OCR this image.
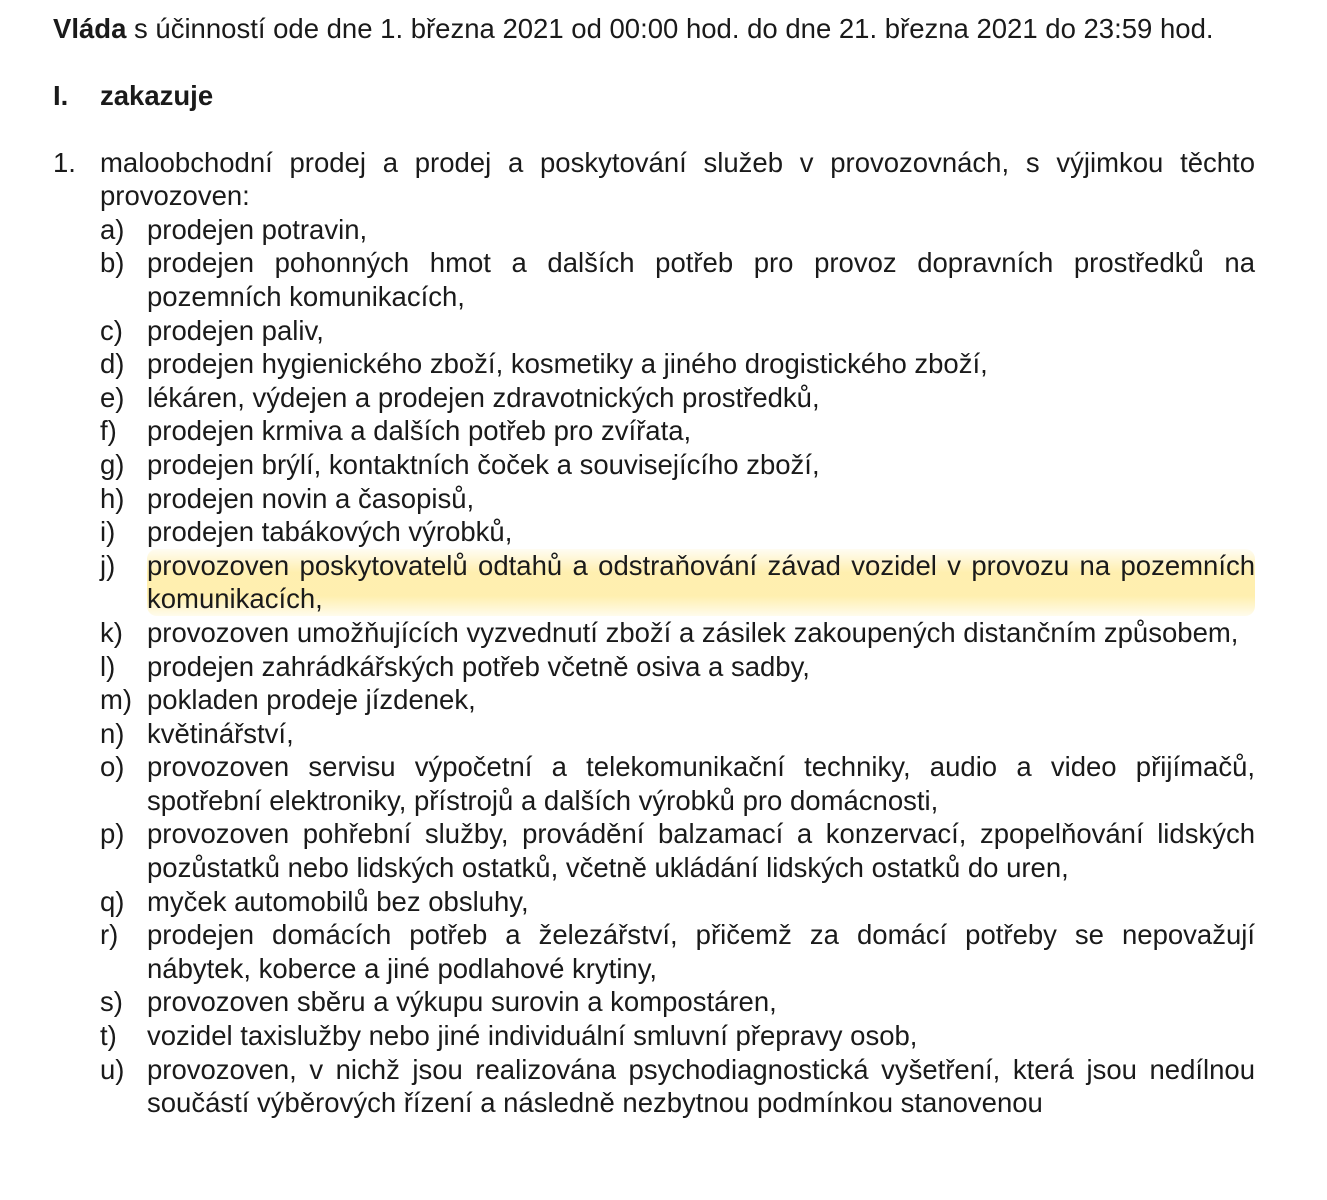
Vláda s účinností ode dne 1. března 2021 od 00:00 hod. do dne 21. března 2021 do 23:59 hod.

I.	zakazuje
1. maloobchodní prodej a prodej a poskytování služeb v provozovnách, s výjimkou těchto provozoven:
a) prodejen potravin,
b) prodejen pohonných hmot a dalších potřeb pro provoz dopravních prostředků na pozemních komunikacích,
c) prodejen paliv,
d) prodejen hygienického zboží, kosmetiky a jiného drogistického zboží,
e) lékáren, výdejen a prodejen zdravotnických prostředků,
f)	prodejen krmiva a dalších potřeb pro zvířata,
g) prodejen brýlí, kontaktních čoček a souvisejícího zboží,
h) prodejen novin a časopisů,
i)	prodejen tabákových výrobků,
j)	provozoven poskytovatelů odtahů a odstraňování závad vozidel v provozu na pozemních komunikacích,
k) provozoven umožňujících vyzvednutí zboží a zásilek zakoupených distančním způsobem,
l)	prodejen zahrádkářských potřeb včetně osiva a sadby,
m) pokladen prodeje jízdenek,
n) květinářství,
o) provozoven servisu výpočetní a telekomunikační techniky, audio a video přijímačů, spotřební elektroniky, přístrojů a dalších výrobků pro domácnosti,
p) provozoven pohřební služby, provádění balzamací a konzervací, zpopelňování lidských pozůstatků nebo lidských ostatků, včetně ukládání lidských ostatků do uren,
q) myček automobilů bez obsluhy,
r)	prodejen domácích potřeb a železářství, přičemž za domácí potřeby se nepovažují nábytek, koberce a jiné podlahové krytiny,
s) provozoven sběru a výkupu surovin a kompostáren,
t)	vozidel taxislužby nebo jiné individuální smluvní přepravy osob,
u) provozoven, v nichž jsou realizována psychodiagnostická vyšetření, která jsou nedílnou součástí výběrových řízení a následně nezbytnou podmínkou stanovenou
